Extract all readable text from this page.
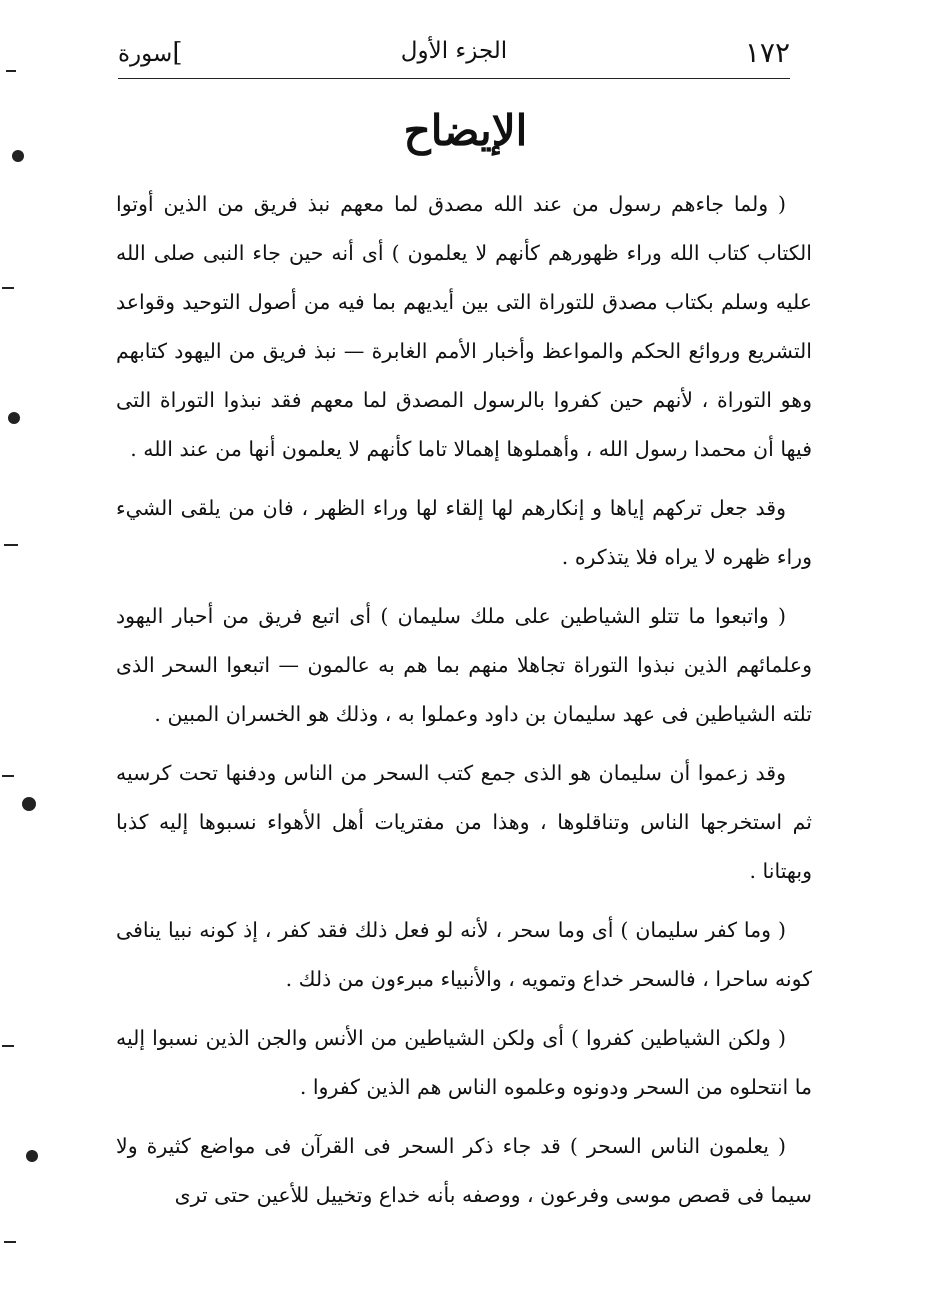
١٧٢
الجزء الأول
سورة[
الإيضاح

( ولما جاءهم رسول من عند الله مصدق لما معهم نبذ فريق من الذين أوتوا الكتاب كتاب الله وراء ظهورهم كأنهم لا يعلمون ) أى أنه حين جاء النبى صلى الله عليه وسلم بكتاب مصدق للتوراة التى بين أيديهم بما فيه من أصول التوحيد وقواعد التشريع وروائع الحكم والمواعظ وأخبار الأمم الغابرة — نبذ فريق من اليهود كتابهم وهو التوراة ، لأنهم حين كفروا بالرسول المصدق لما معهم فقد نبذوا التوراة التى فيها أن محمدا رسول الله ، وأهملوها إهمالا تاما كأنهم لا يعلمون أنها من عند الله .

وقد جعل تركهم إياها و إنكارهم لها إلقاء لها وراء الظهر ، فان من يلقى الشيء وراء ظهره لا يراه فلا يتذكره .

( واتبعوا ما تتلو الشياطين على ملك سليمان ) أى اتبع فريق من أحبار اليهود وعلمائهم الذين نبذوا التوراة تجاهلا منهم بما هم به عالمون — اتبعوا السحر الذى تلته الشياطين فى عهد سليمان بن داود وعملوا به ، وذلك هو الخسران المبين .

وقد زعموا أن سليمان هو الذى جمع كتب السحر من الناس ودفنها تحت كرسيه ثم استخرجها الناس وتناقلوها ، وهذا من مفتريات أهل الأهواء نسبوها إليه كذبا وبهتانا .

( وما كفر سليمان ) أى وما سحر ، لأنه لو فعل ذلك فقد كفر ، إذ كونه نبيا ينافى كونه ساحرا ، فالسحر خداع وتمويه ، والأنبياء مبرءون من ذلك .

( ولكن الشياطين كفروا ) أى ولكن الشياطين من الأنس والجن الذين نسبوا إليه ما انتحلوه من السحر ودونوه وعلموه الناس هم الذين كفروا .

( يعلمون الناس السحر ) قد جاء ذكر السحر فى القرآن فى مواضع كثيرة ولا سيما فى قصص موسى وفرعون ، ووصفه بأنه خداع وتخييل للأعين حتى ترى
